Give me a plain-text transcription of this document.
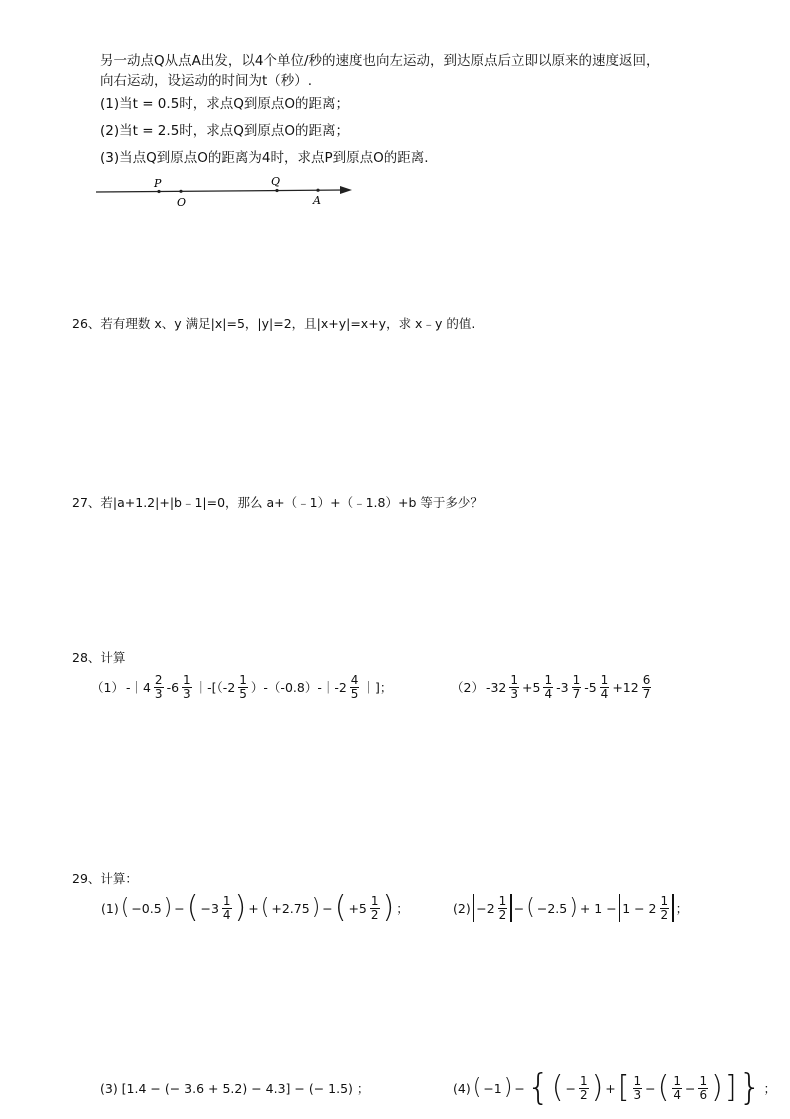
另一动点Q从点A出发，以4个单位/秒的速度也向左运动，到达原点后立即以原来的速度返回，
向右运动，设运动的时间为t（秒）.
(1)当t = 0.5时，求点Q到原点O的距离；
(2)当t = 2.5时，求点Q到原点O的距离；
(3)当点Q到原点O的距离为4时，求点P到原点O的距离.
P
O
Q
A
26、若有理数 x、y 满足|x|=5，|y|=2，且|x+y|=x+y，求 x﹣y 的值.
27、若|a+1.2|+|b﹣1|=0，那么 a+（﹣1）+（﹣1.8）+b 等于多少？
28、计算
（1） -｜4 $\frac{2}{3} -6 \frac{1}{3}$ ｜-[（-2 $\frac{1}{5}$ ）-（-0.8）-｜-2 $\frac{4}{5}$ ｜]；	（2） $-32 \frac{1}{3} +5 \frac{1}{4} -3 \frac{1}{7} -5 \frac{1}{4} +12 \frac{6}{7}$
29、计算：
(1) ( −0.5 ) − ( $-3 \frac{1}{4}$ ) + ( +2.75 ) − ( $+5 \frac{1}{2}$ ) ；	$(2) -2 \frac{1}{2}$ − ( −2.5 ) + $1 - 1 - 2 \frac{1}{2}$ ；
(3) [1.4 − (− 3.6 + 5.2) − 4.3] − (− 1.5) ；	(4) ( −1 ) − { ( − $\frac{1}{2}$ ) + [ $\frac{1}{3}$ − ( $\frac{1}{4} - \frac{1}{6}$ ) ] } ；
